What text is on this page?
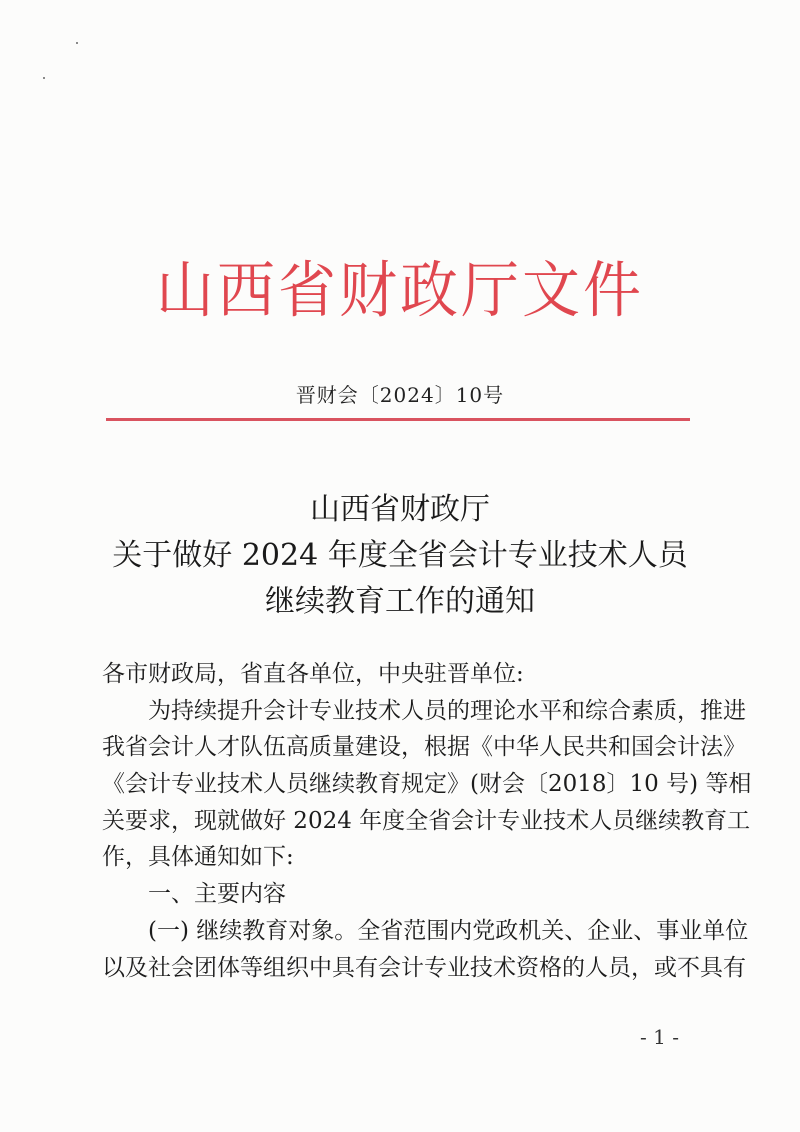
山西省财政厅文件
晋财会〔2024〕10号
山西省财政厅
关于做好 2024 年度全省会计专业技术人员
继续教育工作的通知
各市财政局，省直各单位，中央驻晋单位:
为持续提升会计专业技术人员的理论水平和综合素质，推进
我省会计人才队伍高质量建设，根据《中华人民共和国会计法》
《会计专业技术人员继续教育规定》(财会〔2018〕10 号) 等相
关要求，现就做好 2024 年度全省会计专业技术人员继续教育工
作，具体通知如下:
一、主要内容
(一) 继续教育对象。全省范围内党政机关、企业、事业单位
以及社会团体等组织中具有会计专业技术资格的人员，或不具有
- 1 -
